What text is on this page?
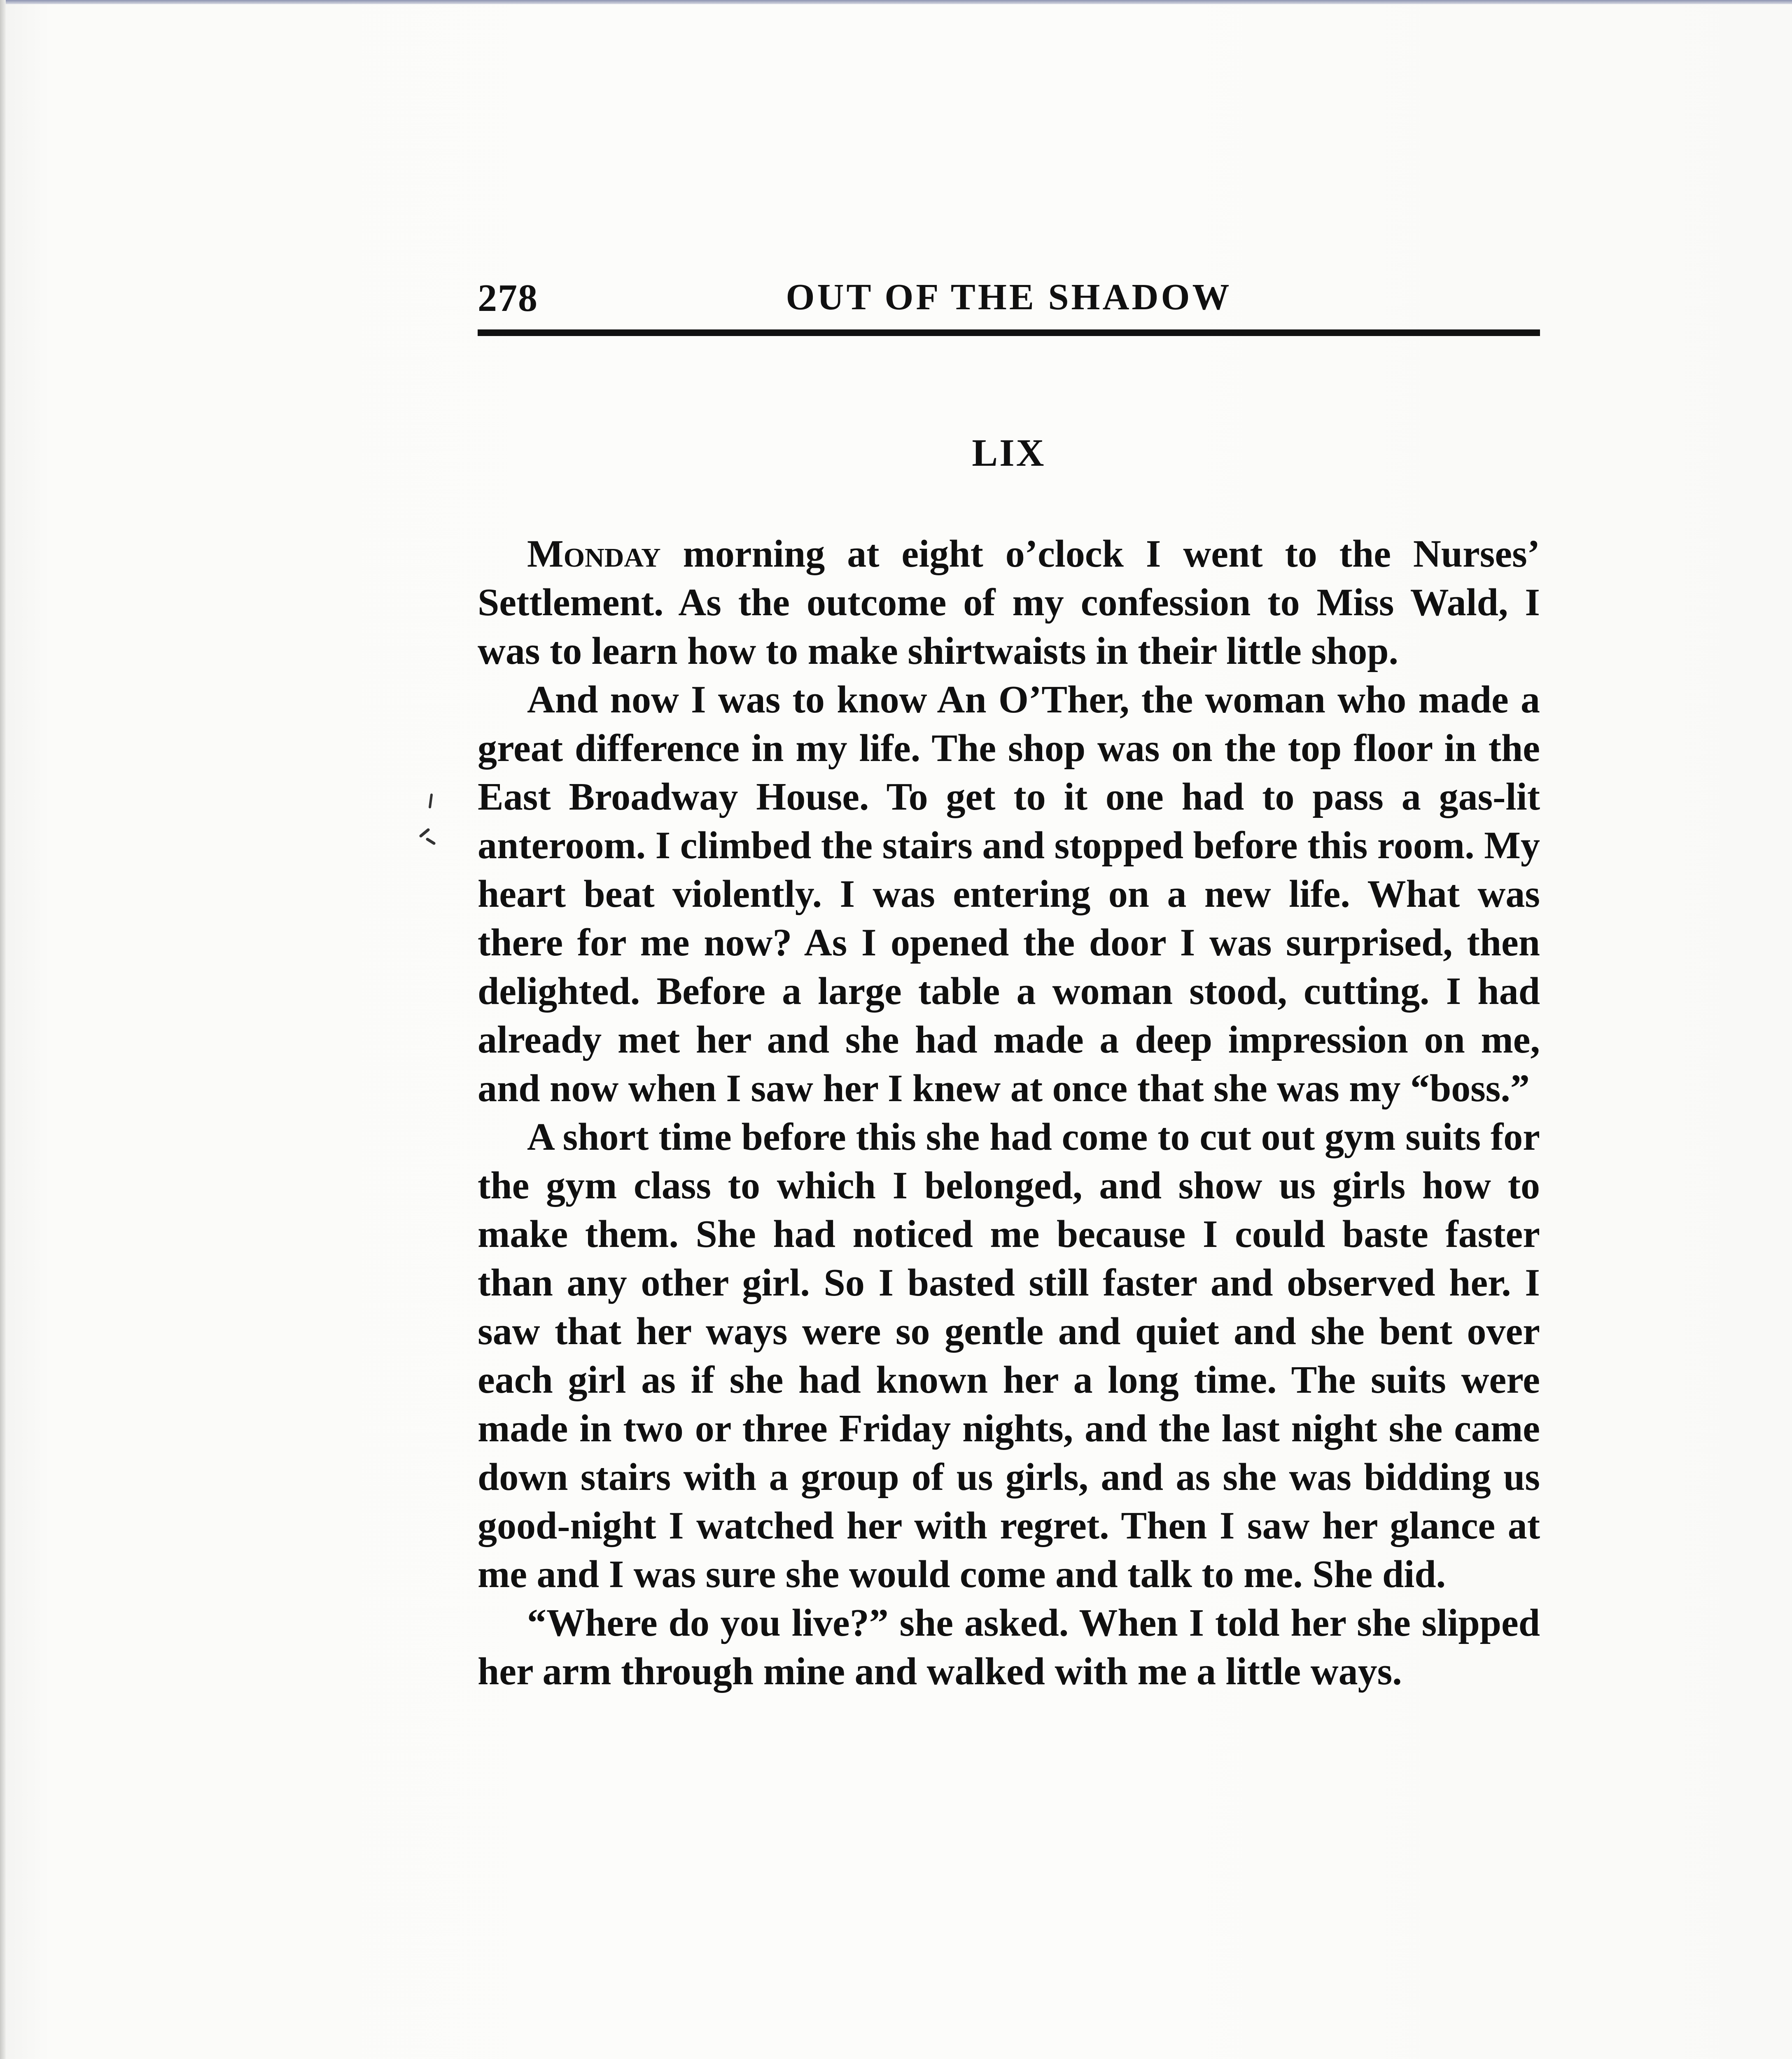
278	OUT OF THE SHADOW
LIX

Monday morning at eight o’clock I went to the Nurses’ Settlement. As the outcome of my confession to Miss Wald, I was to learn how to make shirtwaists in their little shop.

And now I was to know An O’Ther, the woman who made a great difference in my life. The shop was on the top floor in the East Broadway House. To get to it one had to pass a gas-lit anteroom. I climbed the stairs and stopped before this room. My heart beat violently. I was entering on a new life. What was there for me now? As I opened the door I was surprised, then delighted. Before a large table a woman stood, cutting. I had already met her and she had made a deep impression on me, and now when I saw her I knew at once that she was my “boss.”

A short time before this she had come to cut out gym suits for the gym class to which I belonged, and show us girls how to make them. She had noticed me because I could baste faster than any other girl. So I basted still faster and observed her. I saw that her ways were so gentle and quiet and she bent over each girl as if she had known her a long time. The suits were made in two or three Friday nights, and the last night she came down stairs with a group of us girls, and as she was bidding us good-night I watched her with regret. Then I saw her glance at me and I was sure she would come and talk to me. She did.

“Where do you live?” she asked. When I told her she slipped her arm through mine and walked with me a little ways.
